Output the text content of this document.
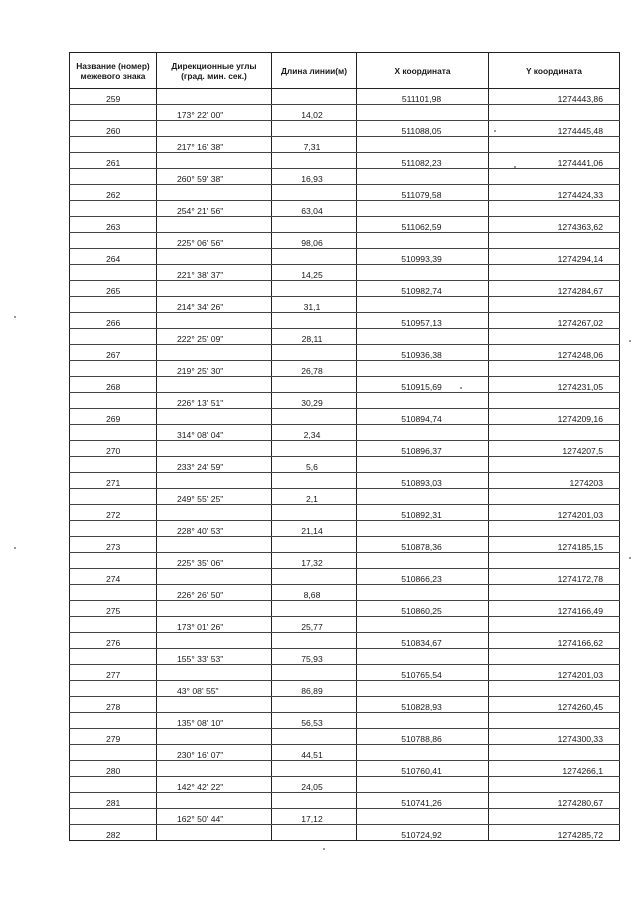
Название (номер) межевого знака	Дирекционные углы (град. мин. сек.)	Длина линии(м)	X координата	Y координата
259			511101,98	1274443,86
	173° 22' 00"	14,02		
260			511088,05	1274445,48
	217° 16' 38"	7,31		
261			511082,23	1274441,06
	260° 59' 38"	16,93		
262			511079,58	1274424,33
	254° 21' 56"	63,04		
263			511062,59	1274363,62
	225° 06' 56"	98,06		
264			510993,39	1274294,14
	221° 38' 37"	14,25		
265			510982,74	1274284,67
	214° 34' 26"	31,1		
266			510957,13	1274267,02
	222° 25' 09"	28,11		
267			510936,38	1274248,06
	219° 25' 30"	26,78		
268			510915,69	1274231,05
	226° 13' 51"	30,29		
269			510894,74	1274209,16
	314° 08' 04"	2,34		
270			510896,37	1274207,5
	233° 24' 59"	5,6		
271			510893,03	1274203
	249° 55' 25"	2,1		
272			510892,31	1274201,03
	228° 40' 53"	21,14		
273			510878,36	1274185,15
	225° 35' 06"	17,32		
274			510866,23	1274172,78
	226° 26' 50"	8,68		
275			510860,25	1274166,49
	173° 01' 26"	25,77		
276			510834,67	1274166,62
	155° 33' 53"	75,93		
277			510765,54	1274201,03
	43° 08' 55"	86,89		
278			510828,93	1274260,45
	135° 08' 10"	56,53		
279			510788,86	1274300,33
	230° 16' 07"	44,51		
280			510760,41	1274266,1
	142° 42' 22"	24,05		
281			510741,26	1274280,67
	162° 50' 44"	17,12		
282			510724,92	1274285,72
